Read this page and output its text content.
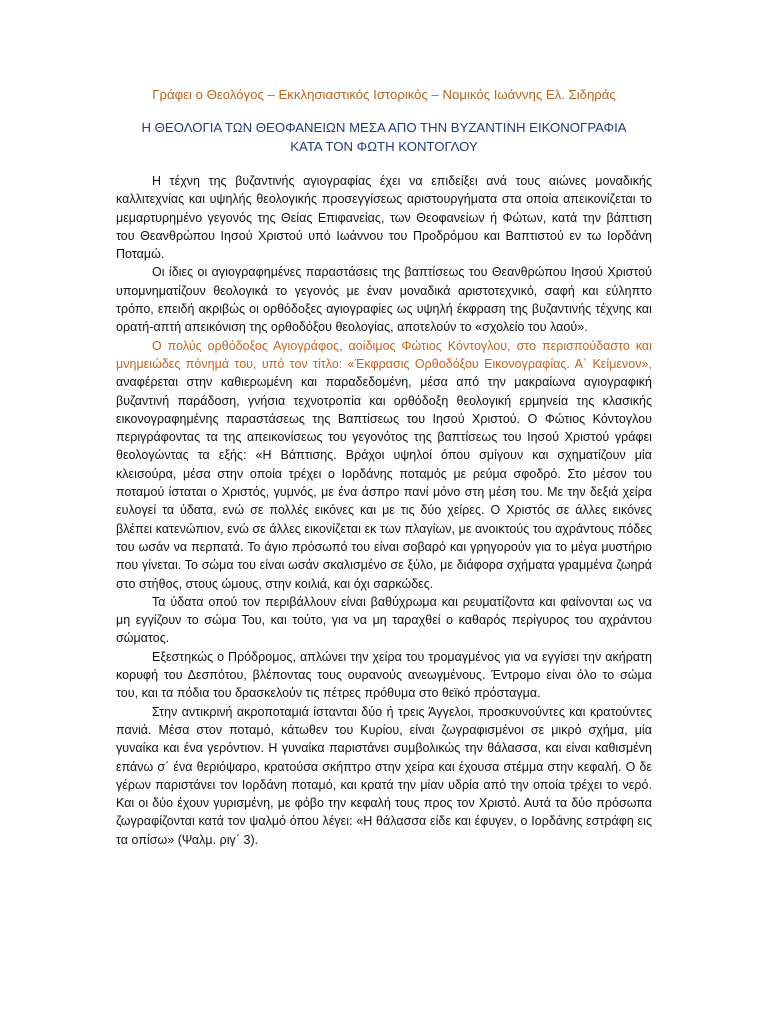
Γράφει ο Θεολόγος – Εκκλησιαστικός Ιστορικός – Νομικός Ιωάννης Ελ. Σιδηράς
Η ΘΕΟΛΟΓΙΑ ΤΩΝ ΘΕΟΦΑΝΕΙΩΝ ΜΕΣΑ ΑΠΟ ΤΗΝ ΒΥΖΑΝΤΙΝΗ ΕΙΚΟΝΟΓΡΑΦΙΑ
ΚΑΤΑ ΤΟΝ ΦΩΤΗ ΚΟΝΤΟΓΛΟΥ

Η τέχνη της βυζαντινής αγιογραφίας έχει να επιδείξει ανά τους αιώνες μοναδικής καλλιτεχνίας και υψηλής θεολογικής προσεγγίσεως αριστουργήματα στα οποία απεικονίζεται το μεμαρτυρημένο γεγονός της Θείας Επιφανείας, των Θεοφανείων ή Φώτων, κατά την βάπτιση του Θεανθρώπου Ιησού Χριστού υπό Ιωάννου του Προδρόμου και Βαπτιστού εν τω Ιορδάνη Ποταμώ.

Οι ίδιες οι αγιογραφημένες παραστάσεις της βαπτίσεως του Θεανθρώπου Ιησού Χριστού υπομνηματίζουν θεολογικά το γεγονός με έναν μοναδικά αριστοτεχνικό, σαφή και εύληπτο τρόπο, επειδή ακριβώς οι ορθόδοξες αγιογραφίες ως υψηλή έκφραση της βυζαντινής τέχνης και ορατή-απτή απεικόνιση της ορθοδόξου θεολογίας, αποτελούν το «σχολείο του λαού».

Ο πολύς ορθόδοξος Αγιογράφος, αοίδιμος Φώτιος Κόντογλου, στο περισπούδαστο και μνημειώδες πόνημά του, υπό τον τίτλο: «Έκφρασις Ορθοδόξου Εικονογραφίας. Α΄ Κείμενον», αναφέρεται στην καθιερωμένη και παραδεδομένη, μέσα από την μακραίωνα αγιογραφική βυζαντινή παράδοση, γνήσια τεχνοτροπία και ορθόδοξη θεολογική ερμηνεία της κλασικής εικονογραφημένης παραστάσεως της Βαπτίσεως του Ιησού Χριστού. Ο Φώτιος Κόντογλου περιγράφοντας τα της απεικονίσεως του γεγονότος της βαπτίσεως του Ιησού Χριστού γράφει θεολογώντας τα εξής: «Η Βάπτισης. Βράχοι υψηλοί όπου σμίγουν και σχηματίζουν μία κλεισούρα, μέσα στην οποία τρέχει ο Ιορδάνης ποταμός με ρεύμα σφοδρό. Στο μέσον του ποταμού ίσταται ο Χριστός, γυμνός, με ένα άσπρο πανί μόνο στη μέση του. Με την δεξιά χείρα ευλογεί τα ύδατα, ενώ σε πολλές εικόνες και με τις δύο χείρες. Ο Χριστός σε άλλες εικόνες βλέπει κατενώπιον, ενώ σε άλλες εικονίζεται εκ των πλαγίων, με ανοικτούς του αχράντους πόδες του ωσάν να περπατά. Το άγιο πρόσωπό του είναι σοβαρό και γρηγορούν για το μέγα μυστήριο που γίνεται. Το σώμα του είναι ωσάν σκαλισμένο σε ξύλο, με διάφορα σχήματα γραμμένα ζωηρά στο στήθος, στους ώμους, στην κοιλιά, και όχι σαρκώδες.

Τα ύδατα οπού τον περιβάλλουν είναι βαθύχρωμα και ρευματίζοντα και φαίνονται ως να μη εγγίζουν το σώμα Του, και τούτο, για να μη ταραχθεί ο καθαρός περίγυρος του αχράντου σώματος.

Εξεστηκώς ο Πρόδρομος, απλώνει την χείρα του τρομαγμένος για να εγγίσει την ακήρατη κορυφή του Δεσπότου, βλέποντας τους ουρανούς ανεωγμένους. Έντρομο είναι όλο το σώμα του, και τα πόδια του δρασκελούν τις πέτρες πρόθυμα στο θεϊκό πρόσταγμα.

Στην αντικρινή ακροποταμιά ίστανται δύο ή τρεις Άγγελοι, προσκυνούντες και κρατούντες πανιά. Μέσα στον ποταμό, κάτωθεν του Κυρίου, είναι ζωγραφισμένοι σε μικρό σχήμα, μία γυναίκα και ένα γερόντιον. Η γυναίκα παριστάνει συμβολικώς την θάλασσα, και είναι καθισμένη επάνω σ΄ ένα θεριόψαρο, κρατούσα σκήπτρο στην χείρα και έχουσα στέμμα στην κεφαλή. Ο δε γέρων παριστάνει τον Ιορδάνη ποταμό, και κρατά την μίαν υδρία από την οποία τρέχει το νερό. Και οι δύο έχουν γυρισμένη, με φόβο την κεφαλή τους προς τον Χριστό. Αυτά τα δύο πρόσωπα ζωγραφίζονται κατά τον ψαλμό όπου λέγει: «Η θάλασσα είδε και έφυγεν, ο Ιορδάνης εστράφη εις τα οπίσω» (Ψαλμ. ριγ΄ 3).
